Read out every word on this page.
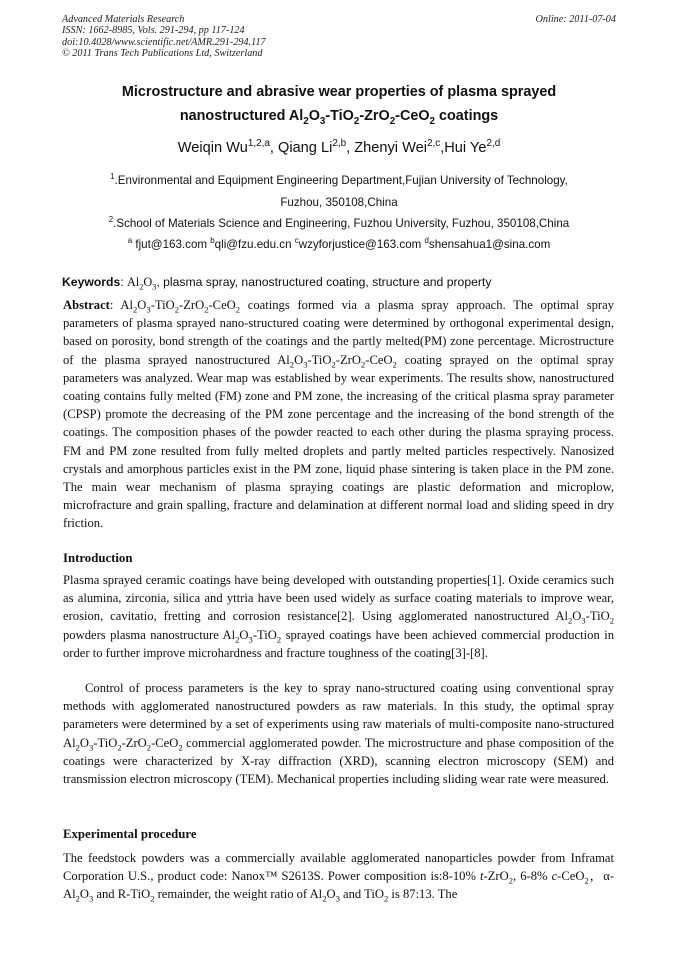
Advanced Materials Research
ISSN: 1662-8985, Vols. 291-294, pp 117-124
doi:10.4028/www.scientific.net/AMR.291-294.117
© 2011 Trans Tech Publications Ltd, Switzerland
Online: 2011-07-04
Microstructure and abrasive wear properties of plasma sprayed
nanostructured $Al_2O_3-TiO_2-ZrO_2-CeO_2$ coatings
Weiqin Wu$^{1,2,a}$, Qiang Li$^{2,b}$, Zhenyi Wei$^{2,c}$,Hui Ye$^{2,d}$
$^1$.Environmental and Equipment Engineering Department,Fujian University of Technology,
Fuzhou, 350108,China
$^2$.School of Materials Science and Engineering, Fuzhou University, Fuzhou, 350108,China
$^a$ fjut@163.com $^b$qli@fzu.edu.cn $^c$wzyforjustice@163.com $^d$shensahua1@sina.com
Keywords: $Al_2O_3$, plasma spray, nanostructured coating, structure and property
Abstract: $Al_2O_3-TiO_2-ZrO_2-CeO_2$ coatings formed via a plasma spray approach. The optimal spray parameters of plasma sprayed nano-structured coating were determined by orthogonal experimental design, based on porosity, bond strength of the coatings and the partly melted(PM) zone percentage. Microstructure of the plasma sprayed nanostructured $Al_2O_3-TiO_2-ZrO_2-CeO_2$ coating sprayed on the optimal spray parameters was analyzed. Wear map was established by wear experiments. The results show, nanostructured coating contains fully melted (FM) zone and PM zone, the increasing of the critical plasma spray parameter (CPSP) promote the decreasing of the PM zone percentage and the increasing of the bond strength of the coatings. The composition phases of the powder reacted to each other during the plasma spraying process. FM and PM zone resulted from fully melted droplets and partly melted particles respectively. Nanosized crystals and amorphous particles exist in the PM zone, liquid phase sintering is taken place in the PM zone. The main wear mechanism of plasma spraying coatings are plastic deformation and microplow, microfracture and grain spalling, fracture and delamination at different normal load and sliding speed in dry friction.
Introduction
Plasma sprayed ceramic coatings have being developed with outstanding properties[1]. Oxide ceramics such as alumina, zirconia, silica and yttria have been used widely as surface coating materials to improve wear, erosion, cavitatio, fretting and corrosion resistance[2]. Using agglomerated nanostructured $Al_2O_3-TiO_2$ powders plasma nanostructure $Al_2O_3-TiO_2$ sprayed coatings have been achieved commercial production in order to further improve microhardness and fracture toughness of the coating[3]-[8].
Control of process parameters is the key to spray nano-structured coating using conventional spray methods with agglomerated nanostructured powders as raw materials. In this study, the optimal spray parameters were determined by a set of experiments using raw materials of multi-composite nano-structured $Al_2O_3-TiO_2-ZrO_2-CeO_2$ commercial agglomerated powder. The microstructure and phase composition of the coatings were characterized by X-ray diffraction (XRD), scanning electron microscopy (SEM) and transmission electron microscopy (TEM). Mechanical properties including sliding wear rate were measured.
Experimental procedure
The feedstock powders was a commercially available agglomerated nanoparticles powder from Inframat Corporation U.S., product code: Nanox™ S2613S. Power composition is:8-10% t-ZrO$_2$, 6-8% c-CeO$_2$，$\alpha-Al_2O_3$ and R-TiO$_2$ remainder, the weight ratio of $Al_2O_3$ and TiO$_2$ is 87:13. The
